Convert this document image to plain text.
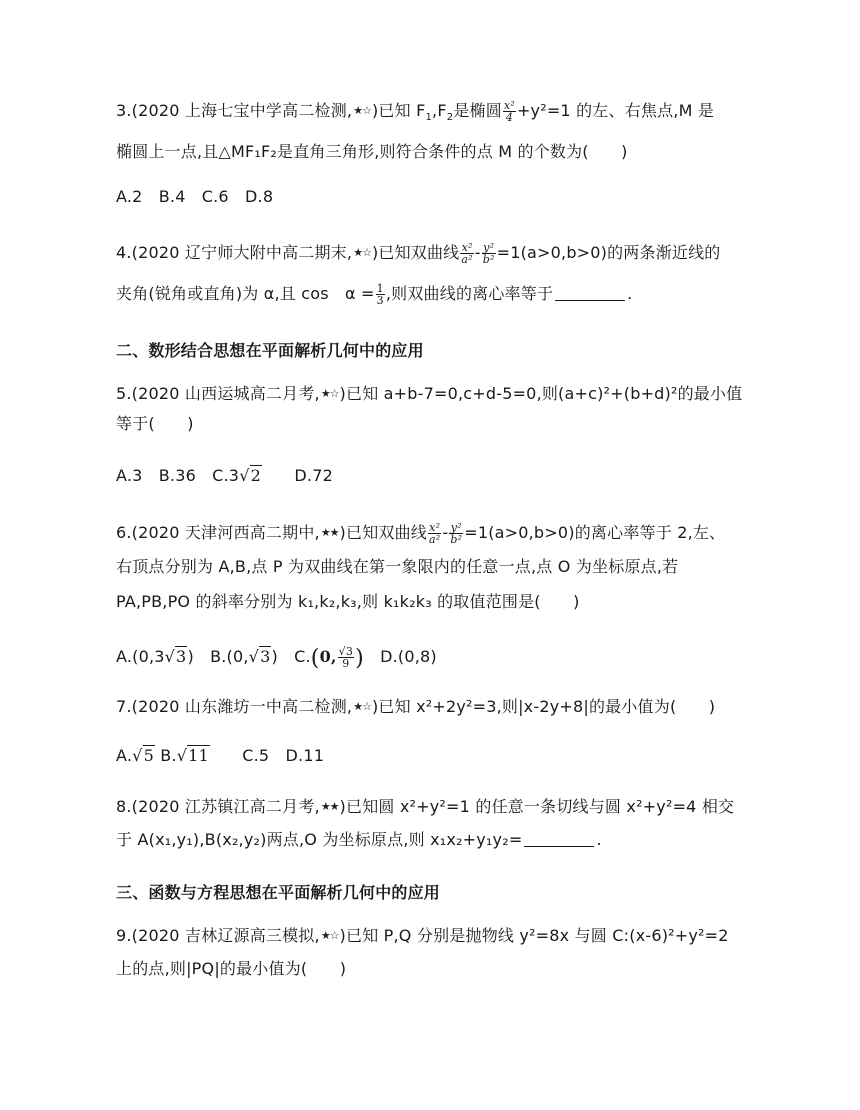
3.(2020 上海七宝中学高二检测,★☆)已知 $F_1,F_2$是椭圆 $\frac{\text{x²}}{4} +y^2=1$ 的左、右焦点,M 是
椭圆上一点,且△MF₁F₂是直角三角形,则符合条件的点 M 的个数为(　　)
A.2　B.4　C.6　D.8
4.(2020 辽宁师大附中高二期末,★☆)已知双曲线 $\frac{\text{x²}}{\text{a²}} - \frac{\text{y²}}{\text{b²}} =1(a>0,b>0)$的两条渐近线的
夹角(锐角或直角)为 α,且 cos　$\alpha = \frac{1}{3}$ ,则双曲线的离心率等于	.
二、数形结合思想在平面解析几何中的应用
5.(2020 山西运城高二月考,★☆)已知 a+b-7=0,c+d-5=0,则(a+c)²+(b+d)²的最小值
等于(　　)
A.3　B.36　C.3√2　　D.72
6.(2020 天津河西高二期中,★★)已知双曲线 $\frac{\text{x²}}{\text{a²}} - \frac{\text{y²}}{\text{b²}} =1(a>0,b>0)$的离心率等于 2,左、
右顶点分别为 A,B,点 P 为双曲线在第一象限内的任意一点,点 O 为坐标原点,若
PA,PB,PO 的斜率分别为 k₁,k₂,k₃,则 k₁k₂k₃ 的取值范围是(　　)
A.(0,3√3)　B.(0,√3)　C.(0, $\frac{√3}{9}$ )　D.(0,8)
7.(2020 山东潍坊一中高二检测,★☆)已知 x²+2y²=3,则|x-2y+8|的最小值为(　　)
A.√5 B.√11　　C.5　D.11
8.(2020 江苏镇江高二月考,★★)已知圆 x²+y²=1 的任意一条切线与圆 x²+y²=4 相交
于 A(x₁,y₁),B(x₂,y₂)两点,O 为坐标原点,则 x₁x₂+y₁y₂=	.
三、函数与方程思想在平面解析几何中的应用
9.(2020 吉林辽源高三模拟,★☆)已知 P,Q 分别是抛物线 y²=8x 与圆 C:(x-6)²+y²=2
上的点,则|PQ|的最小值为(　　)
